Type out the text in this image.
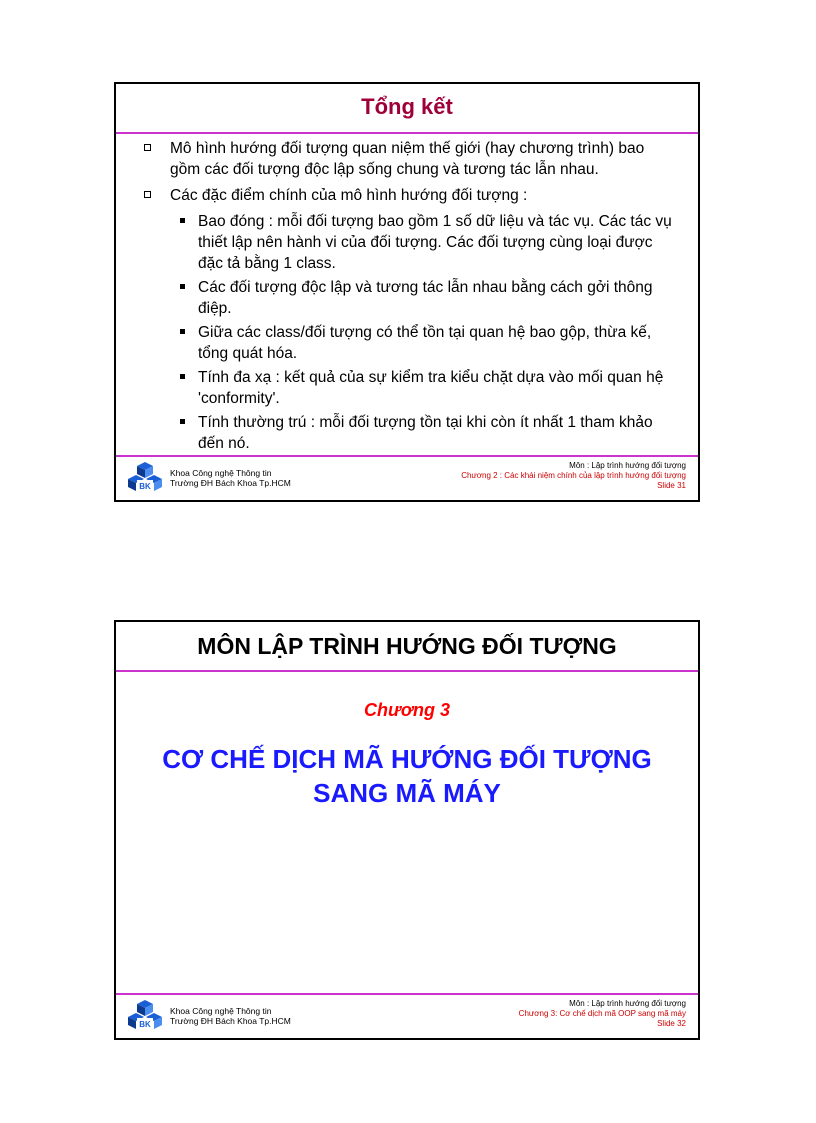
Tổng kết
Mô hình hướng đối tượng quan niệm thế giới (hay chương trình) bao gồm các đối tượng độc lập sống chung và tương tác lẫn nhau.
Các đặc điểm chính của mô hình hướng đối tượng :
Bao đóng : mỗi đối tượng bao gồm 1 số dữ liệu và tác vụ. Các tác vụ thiết lập nên hành vi của đối tượng. Các đối tượng cùng loại được đặc tả bằng 1 class.
Các đối tượng độc lập và tương tác lẫn nhau bằng cách gởi thông điệp.
Giữa các class/đối tượng có thể tồn tại quan hệ bao gộp, thừa kế, tổng quát hóa.
Tính đa xạ : kết quả của sự kiểm tra kiểu chặt dựa vào mối quan hệ 'conformity'.
Tính thường trú : mỗi đối tượng tồn tại khi còn ít nhất 1 tham khảo đến nó.
BK
Khoa Công nghệ Thông tin
Trường ĐH Bách Khoa Tp.HCM
Môn : Lập trình hướng đối tượng
Chương 2 : Các khái niệm chính của lập trình hướng đối tượng
Slide 31
MÔN LẬP TRÌNH HƯỚNG ĐỐI TƯỢNG
Chương 3
CƠ CHẾ DỊCH MÃ HƯỚNG ĐỐI TƯỢNG
SANG MÃ MÁY
BK
Khoa Công nghệ Thông tin
Trường ĐH Bách Khoa Tp.HCM
Môn : Lập trình hướng đối tượng
Chương 3: Cơ chế dịch mã OOP sang mã máy
Slide 32
